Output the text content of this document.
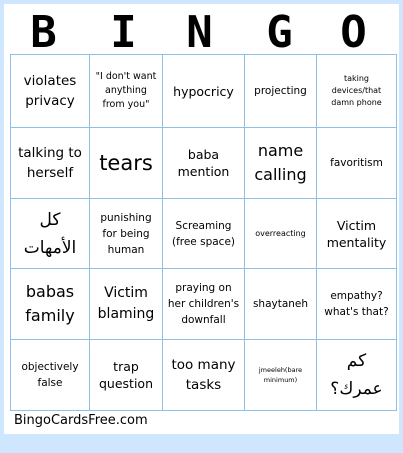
B	I	N	G	O
violates privacy
"I don't want anything from you"
hypocricy projecting
taking devices/that damn phone
talking to herself	tears	baba mention
name calling
favoritism
كل الأمهات
punishing for being human
Screaming (free space)
overreacting
Victim mentality
babas family
Victim blaming
praying on her children's downfall
shaytaneh
empathy? what's that?
objectively false
trap question
too many tasks
jmeeleh(bare minimum)
كم عمرك؟
BingoCardsFree.com
